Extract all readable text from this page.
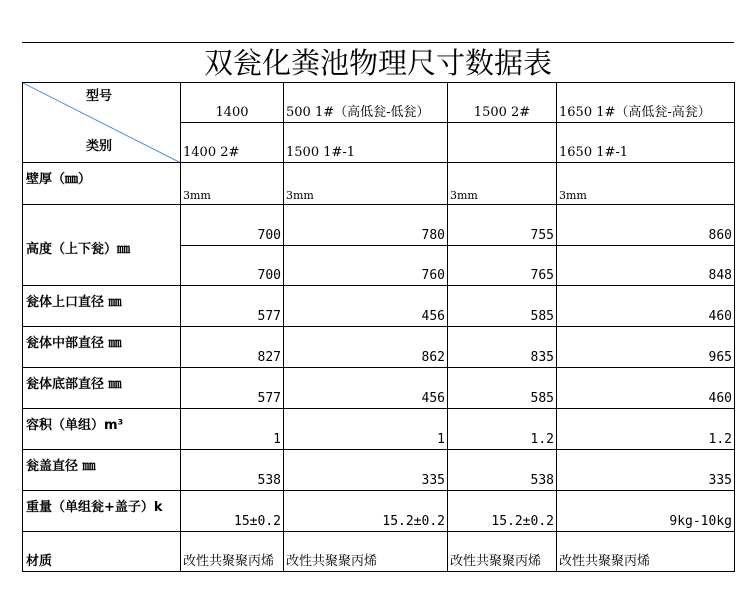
双瓮化粪池物理尺寸数据表
型号
类别	1400	500 1#（高低瓮-低瓮）	1500 2#	1650 1#（高低瓮-高瓮）
	1400 2#	1500 1#-1		1650 1#-1
壁厚（㎜）	3mm	3mm	3mm	3mm
高度（上下瓮）㎜	700	780	755	860
	700	760	765	848
瓮体上口直径 ㎜	577	456	585	460
瓮体中部直径 ㎜	827	862	835	965
瓮体底部直径 ㎜	577	456	585	460
容积（单组）m³	1	1	1.2	1.2
瓮盖直径 ㎜	538	335	538	335
重量（单组瓮+盖子）k	15±0.2	15.2±0.2	15.2±0.2	9kg-10kg
材质	改性共聚聚丙烯	改性共聚聚丙烯	改性共聚聚丙烯	改性共聚聚丙烯
